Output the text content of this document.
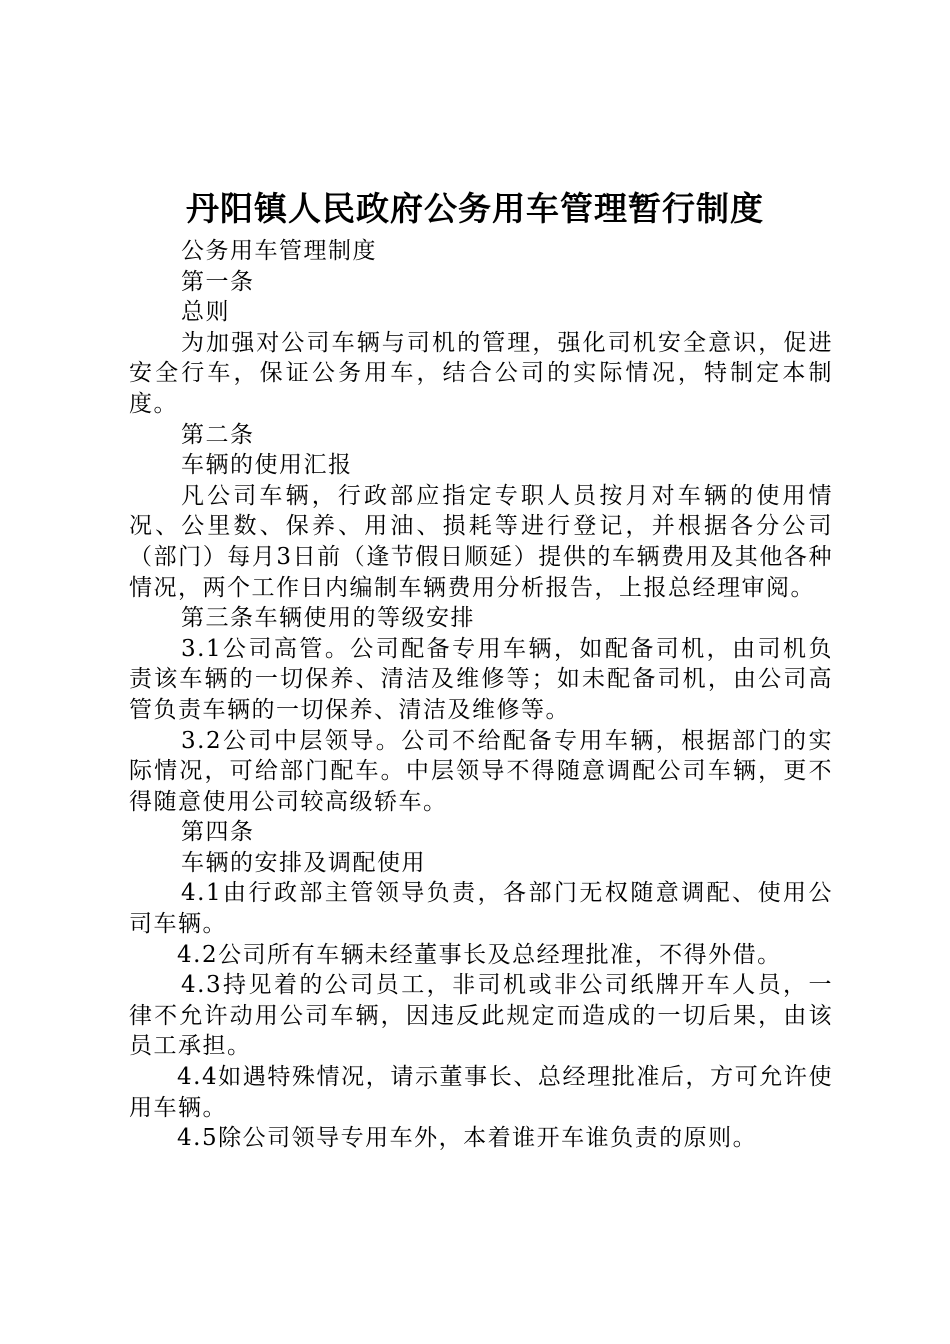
丹阳镇人民政府公务用车管理暂行制度

公务用车管理制度

第一条

总则

为加强对公司车辆与司机的管理，强化司机安全意识，促进安全行车，保证公务用车，结合公司的实际情况，特制定本制度。

第二条

车辆的使用汇报

凡公司车辆，行政部应指定专职人员按月对车辆的使用情况、公里数、保养、用油、损耗等进行登记，并根据各分公司（部门）每月3日前（逢节假日顺延）提供的车辆费用及其他各种情况，两个工作日内编制车辆费用分析报告，上报总经理审阅。

第三条车辆使用的等级安排

3.1公司高管。公司配备专用车辆，如配备司机，由司机负责该车辆的一切保养、清洁及维修等；如未配备司机，由公司高管负责车辆的一切保养、清洁及维修等。

3.2公司中层领导。公司不给配备专用车辆，根据部门的实际情况，可给部门配车。中层领导不得随意调配公司车辆，更不得随意使用公司较高级轿车。

第四条

车辆的安排及调配使用

4.1由行政部主管领导负责，各部门无权随意调配、使用公司车辆。

4.2公司所有车辆未经董事长及总经理批准，不得外借。

4.3持见着的公司员工，非司机或非公司纸牌开车人员，一律不允许动用公司车辆，因违反此规定而造成的一切后果，由该员工承担。

4.4如遇特殊情况，请示董事长、总经理批准后，方可允许使用车辆。

4.5除公司领导专用车外，本着谁开车谁负责的原则。
